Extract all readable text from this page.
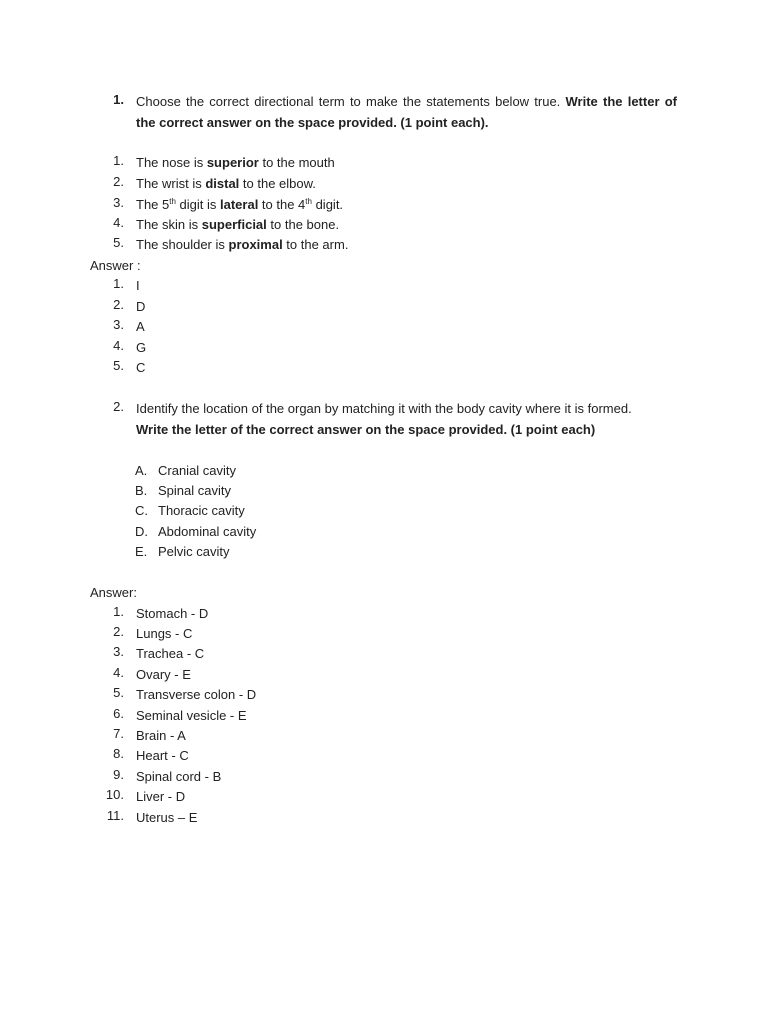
1. Choose the correct directional term to make the statements below true. Write the letter of the correct answer on the space provided. (1 point each).
1. The nose is superior to the mouth
2. The wrist is distal to the elbow.
3. The 5th digit is lateral to the 4th digit.
4. The skin is superficial to the bone.
5. The shoulder is proximal to the arm.
Answer :
1. I
2. D
3. A
4. G
5. C
2. Identify the location of the organ by matching it with the body cavity where it is formed.
Write the letter of the correct answer on the space provided. (1 point each)
A. Cranial cavity
B. Spinal cavity
C. Thoracic cavity
D. Abdominal cavity
E. Pelvic cavity
Answer:
1. Stomach - D
2. Lungs - C
3. Trachea - C
4. Ovary - E
5. Transverse colon - D
6. Seminal vesicle - E
7. Brain - A
8. Heart - C
9. Spinal cord - B
10. Liver - D
11. Uterus – E
